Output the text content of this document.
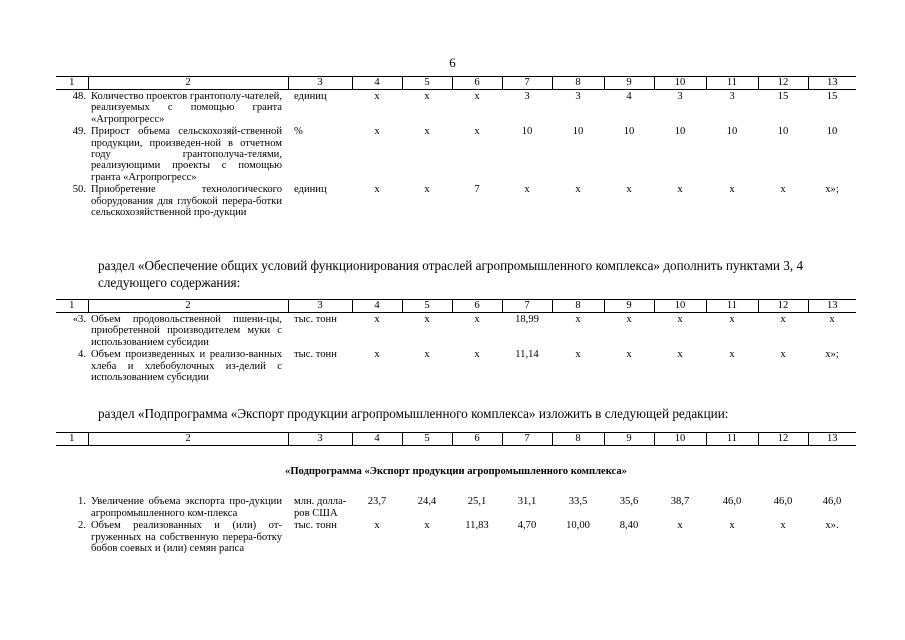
6
1	2	3	4	5	6	7	8	9	10	11	12	13
48.	Количество проектов грантополу-чателей, реализуемых с помощью гранта «Агропрогресс»	единиц	х	х	х	3	3	4	3	3	15	15
49.	Прирост объема сельскохозяй-ственной продукции, произведен-ной в отчетном году грантополуча-телями, реализующими проекты с помощью гранта «Агропрогресс»	%	х	х	х	10	10	10	10	10	10	10
50.	Приобретение технологического оборудования для глубокой перера-ботки сельскохозяйственной про-дукции	единиц	х	х	7	х	х	х	х	х	х	х»;
раздел «Обеспечение общих условий функционирования отраслей агропромышленного комплекса» дополнить пунктами 3, 4 следующего содержания:
1	2	3	4	5	6	7	8	9	10	11	12	13
«3.	Объем продовольственной пшени-цы, приобретенной производителем муки с использованием субсидии	тыс. тонн	х	х	х	18,99	х	х	х	х	х	х
4.	Объем произведенных и реализо-ванных хлеба и хлебобулочных из-делий с использованием субсидии	тыс. тонн	х	х	х	11,14	х	х	х	х	х	х»;
раздел «Подпрограмма «Экспорт продукции агропромышленного комплекса» изложить в следующей редакции:
1	2	3	4	5	6	7	8	9	10	11	12	13
«Подпрограмма «Экспорт продукции агропромышленного комплекса»												
1.	Увеличение объема экспорта про-дукции агропромышленного ком-плекса	млн. долла-ров США	23,7	24,4	25,1	31,1	33,5	35,6	38,7	46,0	46,0	46,0
2.	Объем реализованных и (или) от-груженных на собственную перера-ботку бобов соевых и (или) семян рапса	тыс. тонн	х	х	11,83	4,70	10,00	8,40	х	х	х	х».
